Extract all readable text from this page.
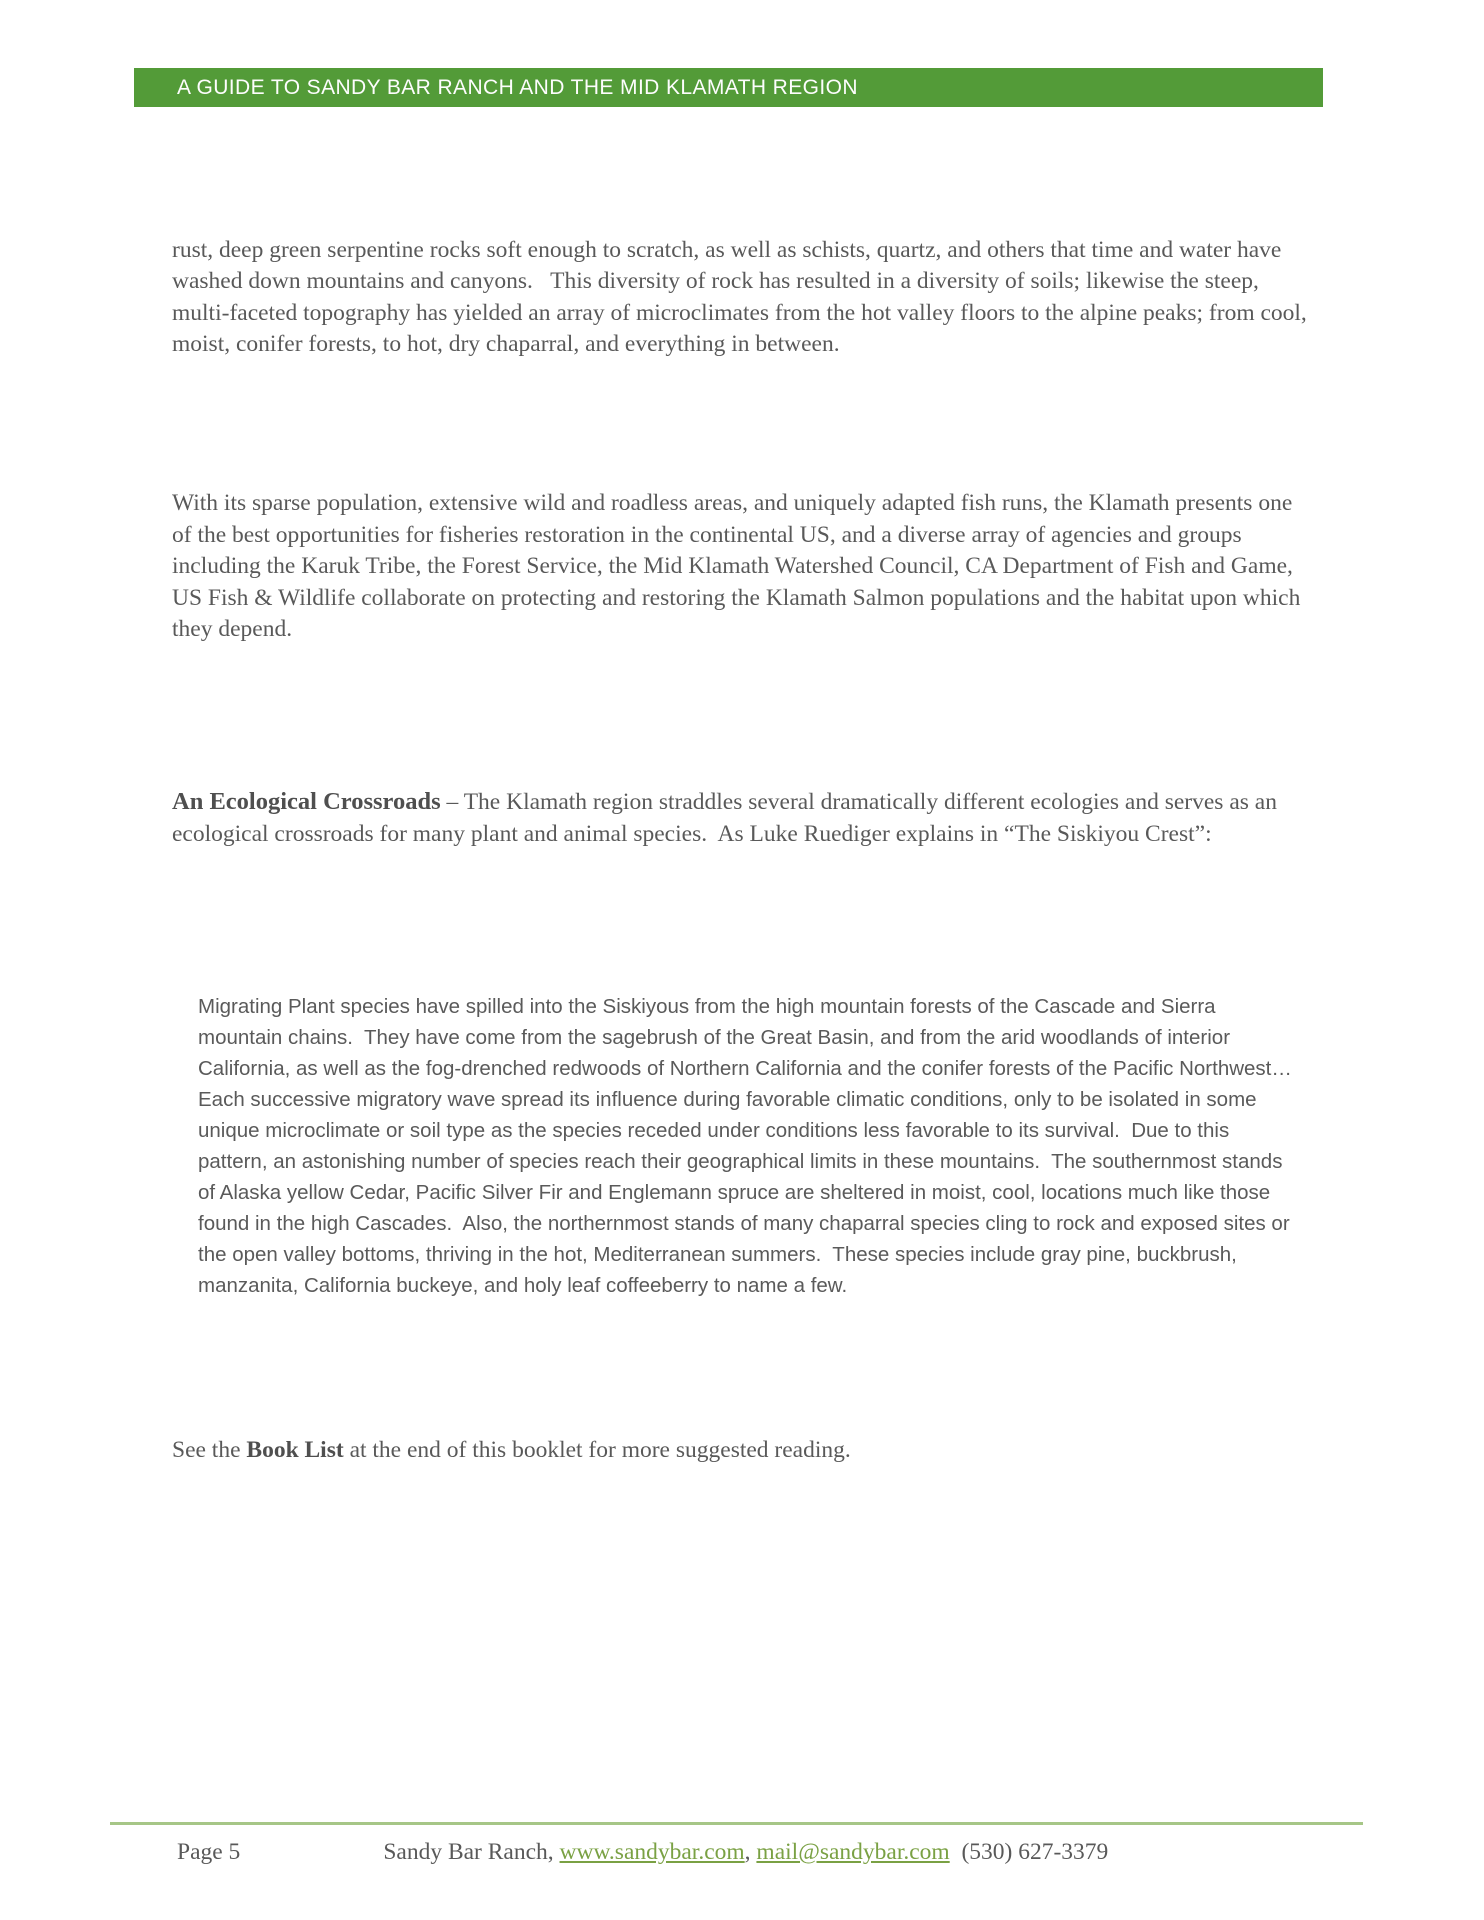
A GUIDE TO SANDY BAR RANCH AND THE MID KLAMATH REGION

rust, deep green serpentine rocks soft enough to scratch, as well as schists, quartz, and others that time and water have washed down mountains and canyons.   This diversity of rock has resulted in a diversity of soils; likewise the steep, multi-faceted topography has yielded an array of microclimates from the hot valley floors to the alpine peaks; from cool, moist, conifer forests, to hot, dry chaparral, and everything in between.

With its sparse population, extensive wild and roadless areas, and uniquely adapted fish runs, the Klamath presents one of the best opportunities for fisheries restoration in the continental US, and a diverse array of agencies and groups including the Karuk Tribe, the Forest Service, the Mid Klamath Watershed Council, CA Department of Fish and Game, US Fish & Wildlife collaborate on protecting and restoring the Klamath Salmon populations and the habitat upon which they depend.

An Ecological Crossroads – The Klamath region straddles several dramatically different ecologies and serves as an ecological crossroads for many plant and animal species.  As Luke Ruediger explains in “The Siskiyou Crest”:

Migrating Plant species have spilled into the Siskiyous from the high mountain forests of the Cascade and Sierra mountain chains.  They have come from the sagebrush of the Great Basin, and from the arid woodlands of interior California, as well as the fog-drenched redwoods of Northern California and the conifer forests of the Pacific Northwest…   Each successive migratory wave spread its influence during favorable climatic conditions, only to be isolated in some unique microclimate or soil type as the species receded under conditions less favorable to its survival.  Due to this pattern, an astonishing number of species reach their geographical limits in these mountains.  The southernmost stands of Alaska yellow Cedar, Pacific Silver Fir and Englemann spruce are sheltered in moist, cool, locations much like those found in the high Cascades.  Also, the northernmost stands of many chaparral species cling to rock and exposed sites or the open valley bottoms, thriving in the hot, Mediterranean summers.  These species include gray pine, buckbrush, manzanita, California buckeye, and holy leaf coffeeberry to name a few.

See the Book List at the end of this booklet for more suggested reading.

Page 5	Sandy Bar Ranch, www.sandybar.com, mail@sandybar.com  (530) 627-3379
